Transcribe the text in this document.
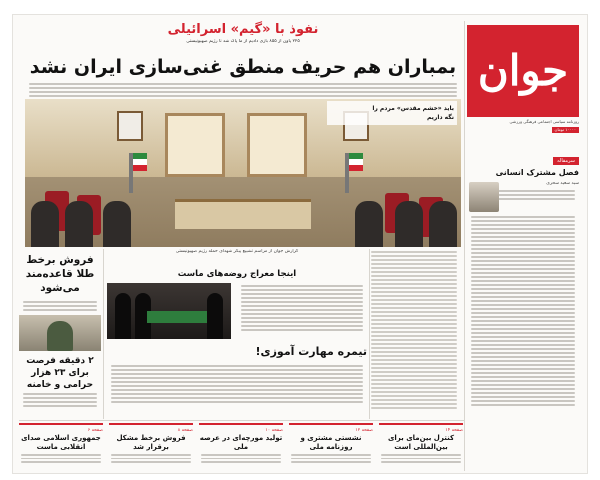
جوان
روزنامه سیاسی اجتماعی فرهنگی ورزشی
۱۰۰۰۰ تومان
نفوذ با «گیم» اسرائیلی
۲۲۵ پاون از ۸۵۵ بازی دادیم از ما پاک شد تا رژیم صهیونیستی
بمباران هم حریف منطق غنی‌سازی ایران نشد
باید «خشم مقدس» مردم را
نگه داریم
فروش برخط طلا قاعده‌مند می‌شود
۲ دقیقه فرصت برای ۲۳ هزار حرامی و خامنه
گزارش جوان از مراسم تشییع پیکر شهدای حمله رژیم صهیونیستی
اینجا معراج روضه‌های ماست
تیمره مهارت آموزی!
سرمقاله
فصل مشترک انسانی
سید سعید سحری
صفحه ۶
جمهوری اسلامی صدای انقلابی ماست
صفحه ۸
فروش برخط مشکل برقرار شد
صفحه ۱۰
تولید مورچه‌ای در عرصه ملی
صفحه ۱۲
نشستی مشتری و روزنامه ملی
صفحه ۱۴
کنترل بین‌مای برای بین‌المللی است
